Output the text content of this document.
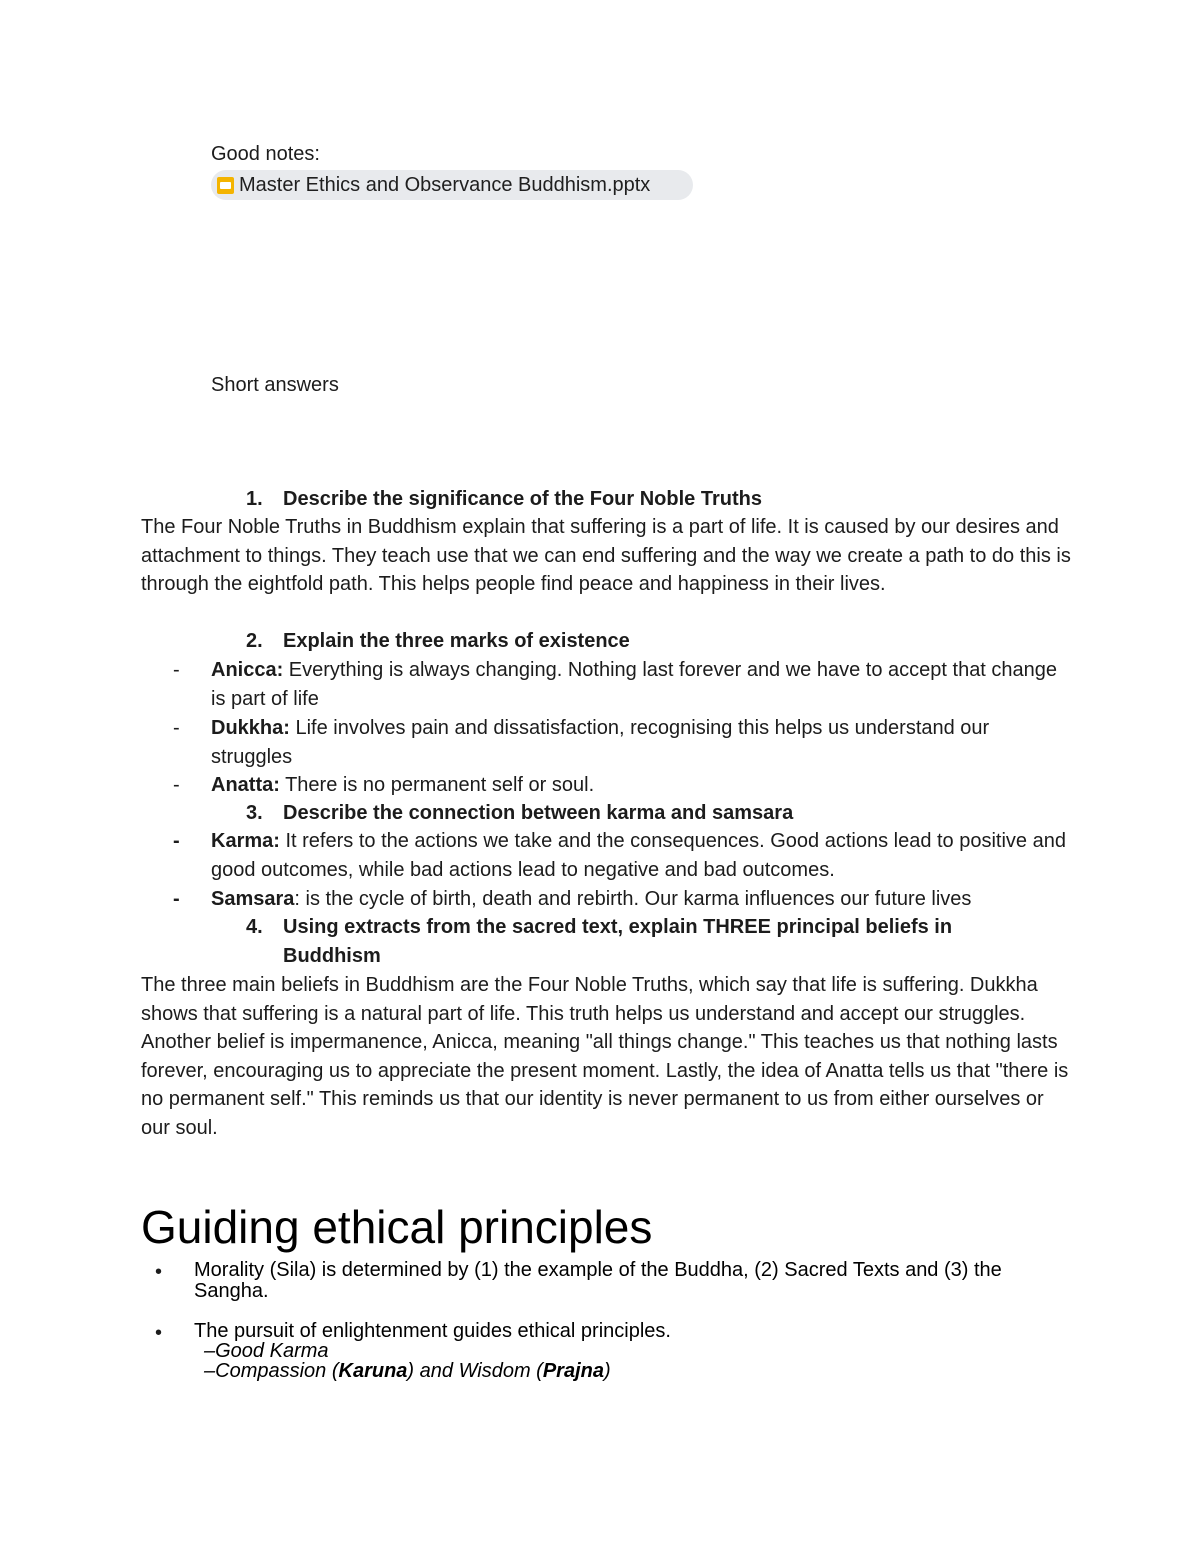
Good notes:
Master Ethics and Observance Buddhism.pptx
Short answers
1.	Describe the significance of the Four Noble Truths
The Four Noble Truths in Buddhism explain that suffering is a part of life. It is caused by our desires and attachment to things. They teach use that we can end suffering and the way we create a path to do this is through the eightfold path. This helps people find peace and happiness in their lives.
2.	Explain the three marks of existence
- Anicca: Everything is always changing. Nothing last forever and we have to accept that change is part of life
- Dukkha: Life involves pain and dissatisfaction, recognising this helps us understand our struggles
- Anatta: There is no permanent self or soul.
3.	Describe the connection between karma and samsara
- Karma: It refers to the actions we take and the consequences. Good actions lead to positive and good outcomes, while bad actions lead to negative and bad outcomes.
- Samsara: is the cycle of birth, death and rebirth. Our karma influences our future lives
4.	Using extracts from the sacred text, explain THREE principal beliefs in
Buddhism
The three main beliefs in Buddhism are the Four Noble Truths, which say that life is suffering. Dukkha shows that suffering is a natural part of life. This truth helps us understand and accept our struggles. Another belief is impermanence, Anicca, meaning "all things change." This teaches us that nothing lasts forever, encouraging us to appreciate the present moment. Lastly, the idea of Anatta tells us that "there is no permanent self." This reminds us that our identity is never permanent to us from either ourselves or our soul.
Guiding ethical principles
• Morality (Sila) is determined by (1) the example of the Buddha, (2) Sacred Texts and (3) the Sangha.
• The pursuit of enlightenment guides ethical principles.
–Good Karma
–Compassion (Karuna) and Wisdom (Prajna)
